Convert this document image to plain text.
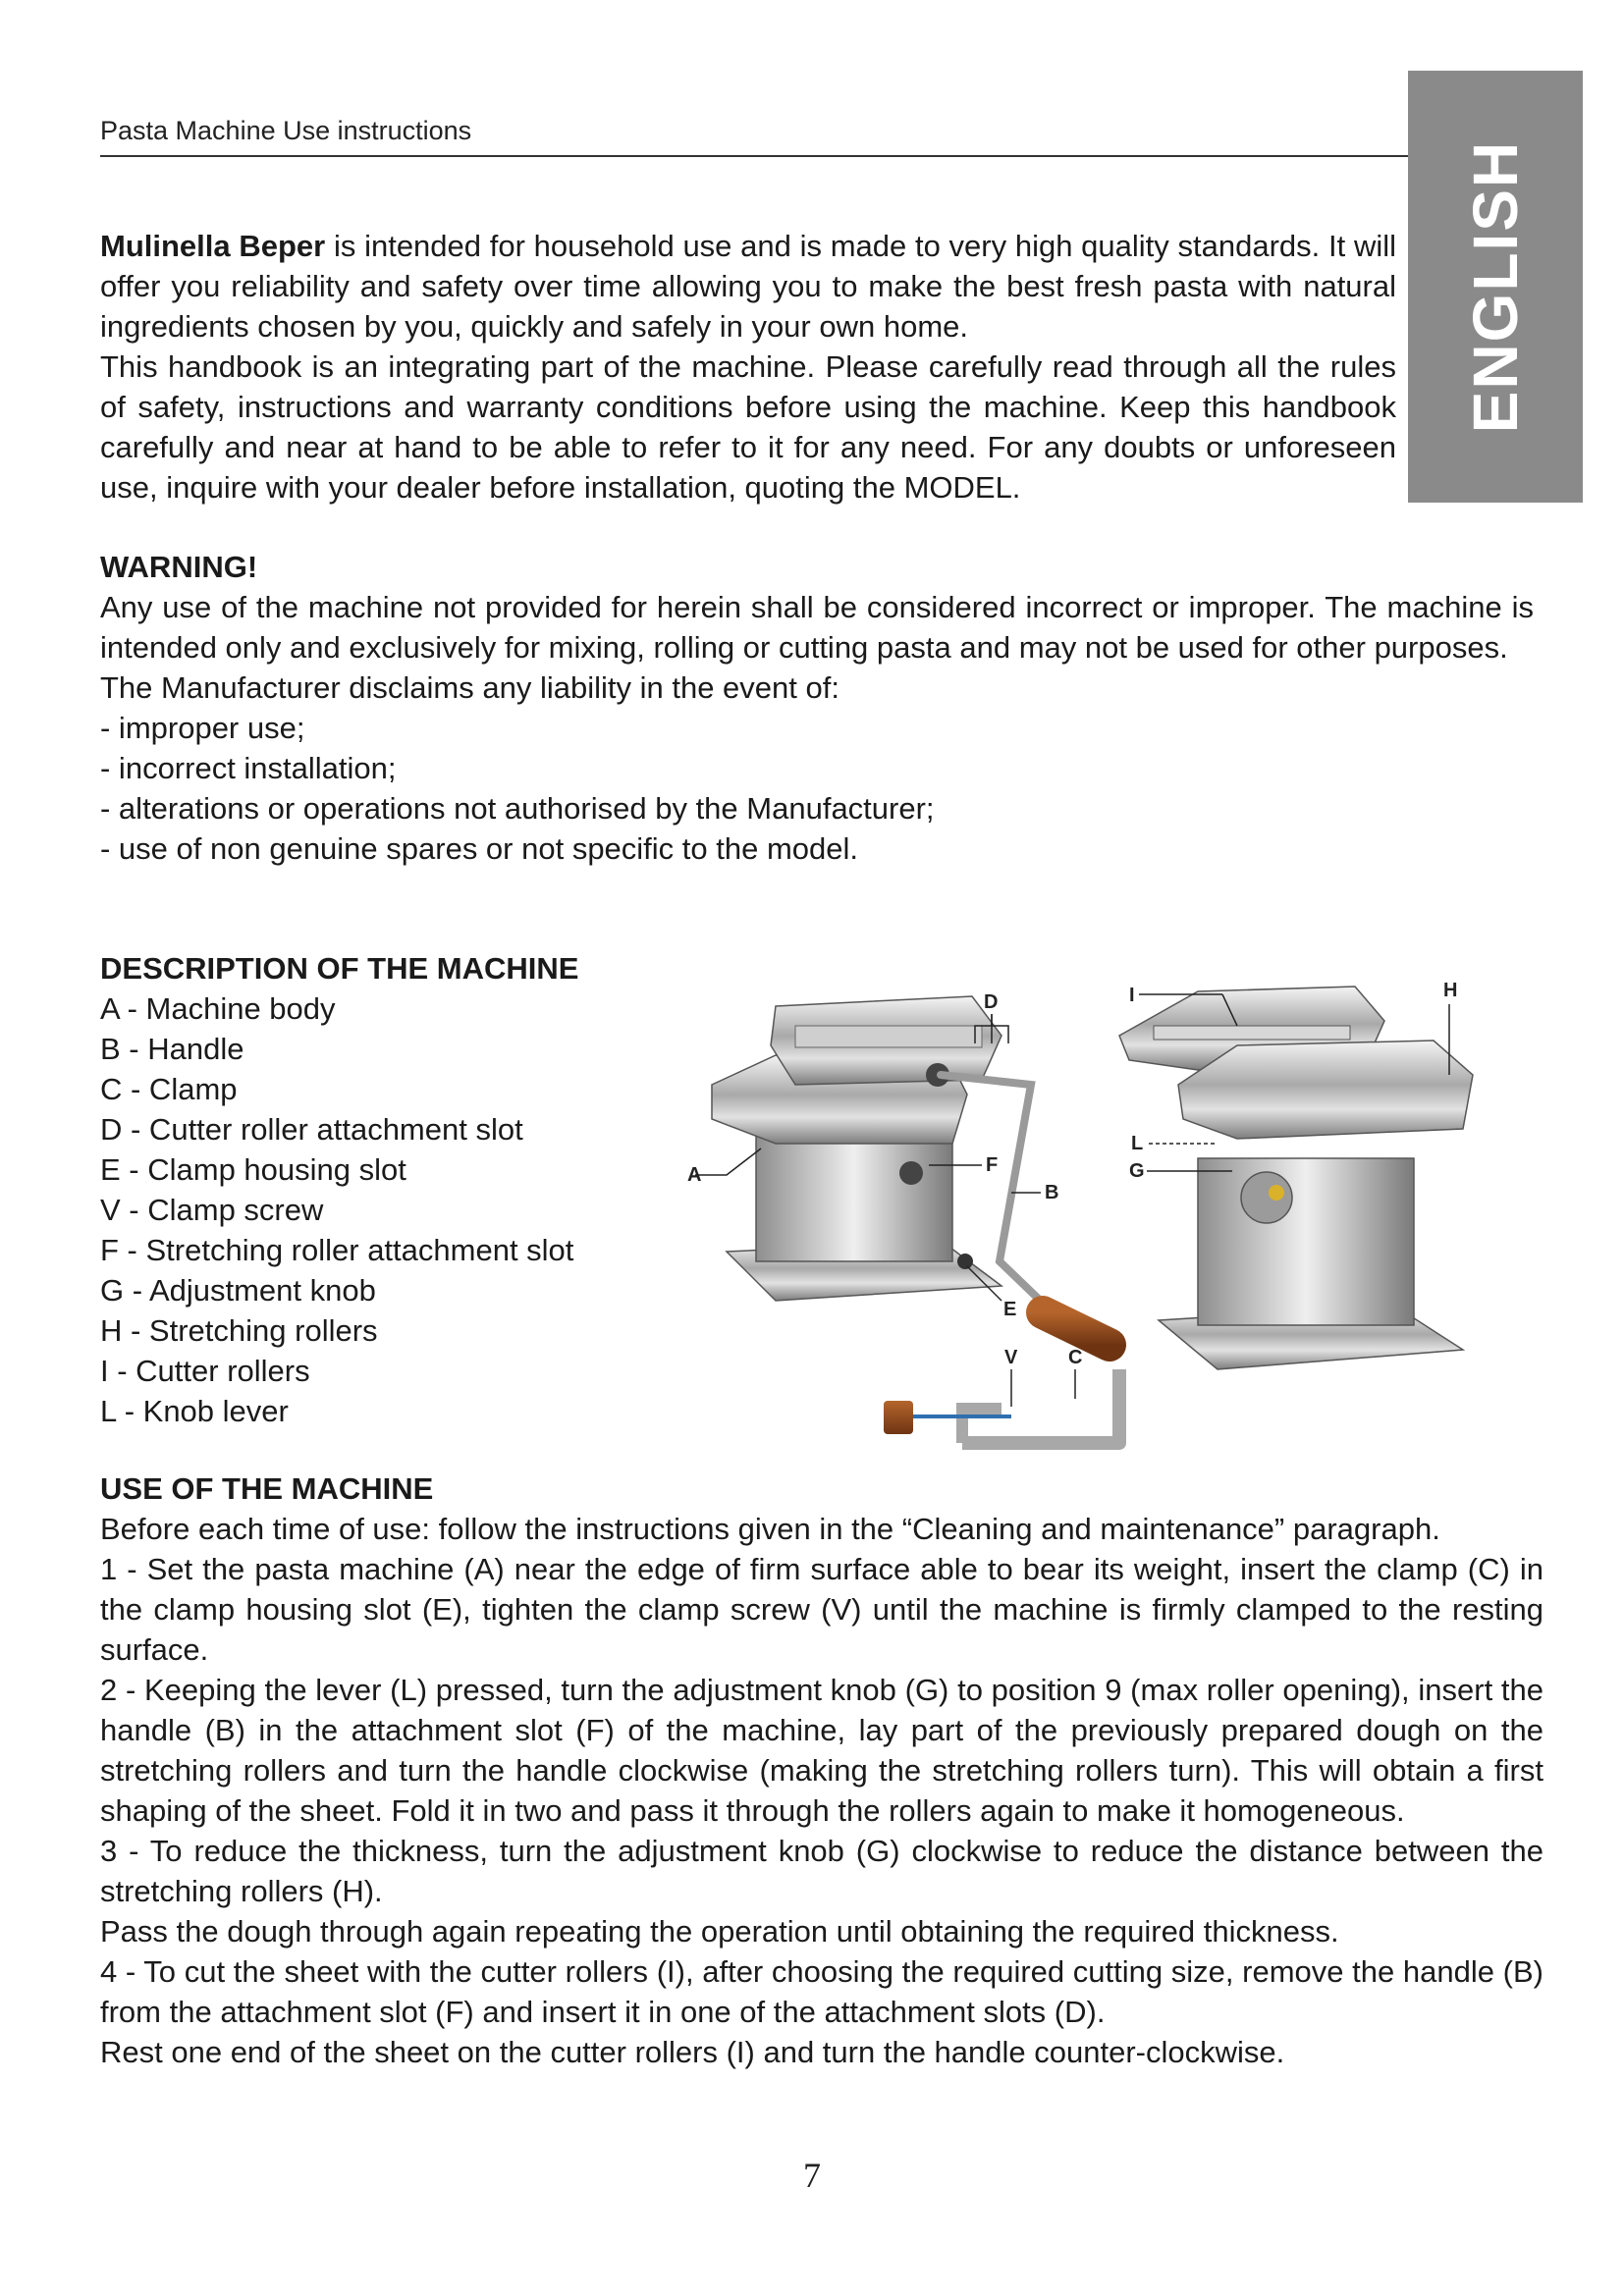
Pasta Machine Use instructions
ENGLISH

Mulinella Beper is intended for household use and is made to very high quality standards. It will offer you reliability and safety over time allowing you to make the best fresh pasta with natural ingredients chosen by you, quickly and safely in your own home.

This handbook is an integrating part of the machine. Please carefully read through all the rules of safety, instructions and warranty conditions before using the machine. Keep this handbook carefully and near at hand to be able to refer to it for any need. For any doubts or unforeseen use, inquire with your dealer before installation, quoting the MODEL.

WARNING!

Any use of the machine not provided for herein shall be considered incorrect or improper. The machine is intended only and exclusively for mixing, rolling or cutting pasta and may not be used for other purposes.

The Manufacturer disclaims any liability in the event of:

- improper use;

- incorrect installation;

- alterations or operations not authorised by the Manufacturer;

- use of non genuine spares or not specific to the model.

DESCRIPTION OF THE MACHINE

A - Machine body

B - Handle

C - Clamp

D - Cutter roller attachment slot

E - Clamp housing slot

V - Clamp screw

F - Stretching roller attachment slot

G - Adjustment knob

H - Stretching rollers

I - Cutter rollers

L - Knob lever

A
D
F
B
E
I	H
L
G
V	C

USE OF THE MACHINE

Before each time of use: follow the instructions given in the “Cleaning and maintenance” paragraph.

1 - Set the pasta machine (A) near the edge of firm surface able to bear its weight, insert the clamp (C) in the clamp housing slot (E), tighten the clamp screw (V) until the machine is firmly clamped to the resting surface.

2 - Keeping the lever (L) pressed, turn the adjustment knob (G) to position 9 (max roller opening), insert the handle (B) in the attachment slot (F) of the machine, lay part of the previously prepared dough on the stretching rollers and turn the handle clockwise (making the stretching rollers turn). This will obtain a first shaping of the sheet. Fold it in two and pass it through the rollers again to make it homogeneous.

3 - To reduce the thickness, turn the adjustment knob (G) clockwise to reduce the distance between the stretching rollers (H).

Pass the dough through again repeating the operation until obtaining the required thickness.

4 - To cut the sheet with the cutter rollers (I), after choosing the required cutting size, remove the handle (B) from the attachment slot (F) and insert it in one of the attachment slots (D).

Rest one end of the sheet on the cutter rollers (I) and turn the handle counter-clockwise.

7
